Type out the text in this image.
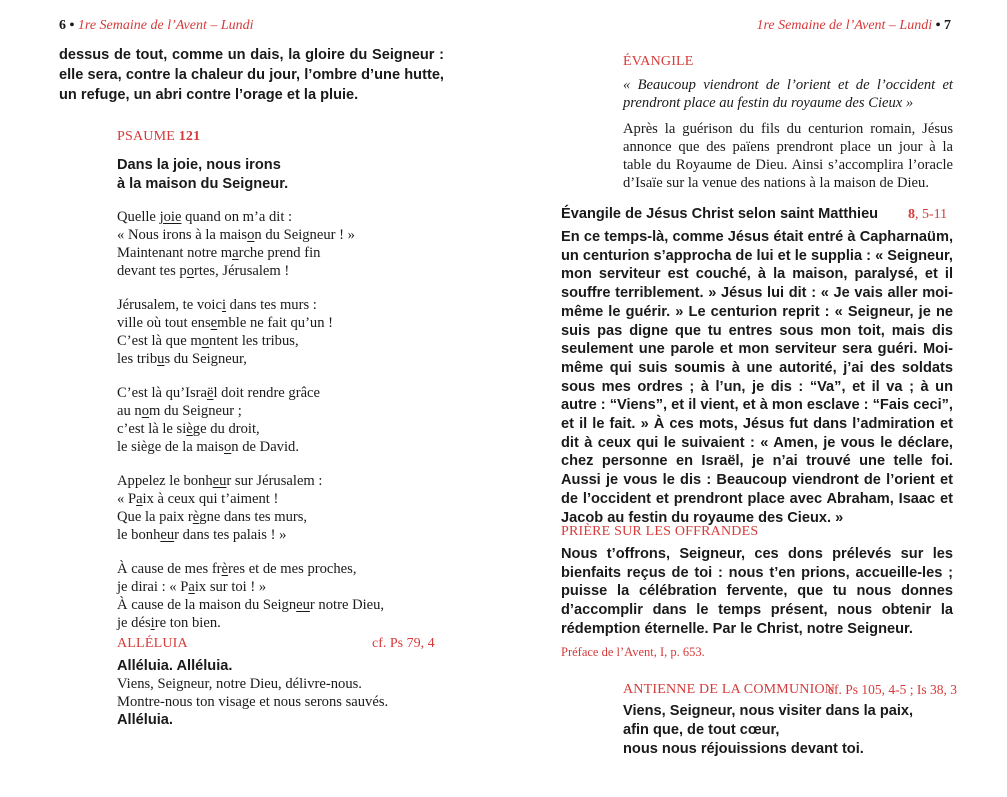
6 • 1re Semaine de l’Avent – Lundi
dessus de tout, comme un dais, la gloire du Seigneur : elle sera, contre la chaleur du jour, l’ombre d’une hutte, un refuge, un abri contre l’orage et la pluie.
PSAUME 121
Dans la joie, nous irons
à la maison du Seigneur.

Quelle joie quand on m’a dit :
« Nous irons à la maison du Seigneur ! »
Maintenant notre marche prend fin
devant tes portes, Jérusalem !

Jérusalem, te voici dans tes murs :
ville où tout ensemble ne fait qu’un !
C’est là que montent les tribus,
les tribus du Seigneur,

C’est là qu’Israël doit rendre grâce
au nom du Seigneur ;
c’est là le siège du droit,
le siège de la maison de David.

Appelez le bonheur sur Jérusalem :
« Paix à ceux qui t’aiment !
Que la paix règne dans tes murs,
le bonheur dans tes palais ! »

À cause de mes frères et de mes proches,
je dirai : « Paix sur toi ! »
À cause de la maison du Seigneur notre Dieu,
je désire ton bien.

ALLÉLUIA	cf. Ps 79, 4
Alléluia. Alléluia.
Viens, Seigneur, notre Dieu, délivre-nous.
Montre-nous ton visage et nous serons sauvés.
Alléluia.
1re Semaine de l’Avent – Lundi • 7
ÉVANGILE
« Beaucoup viendront de l’orient et de l’occident et prendront place au festin du royaume des Cieux »
Après la guérison du fils du centurion romain, Jésus annonce que des païens prendront place un jour à la table du Royaume de Dieu. Ainsi s’accomplira l’oracle d’Isaïe sur la venue des nations à la maison de Dieu.
Évangile de Jésus Christ selon saint Matthieu 8, 5-11
En ce temps-là, comme Jésus était entré à Capharnaüm, un centurion s’approcha de lui et le supplia : « Seigneur, mon serviteur est couché, à la maison, paralysé, et il souffre terriblement. » Jésus lui dit : « Je vais aller moi-même le guérir. » Le centurion reprit : « Seigneur, je ne suis pas digne que tu entres sous mon toit, mais dis seulement une parole et mon serviteur sera guéri. Moi-même qui suis soumis à une autorité, j’ai des soldats sous mes ordres ; à l’un, je dis : “Va”, et il va ; à un autre : “Viens”, et il vient, et à mon esclave : “Fais ceci”, et il le fait. » À ces mots, Jésus fut dans l’admiration et dit à ceux qui le suivaient : « Amen, je vous le déclare, chez personne en Israël, je n’ai trouvé une telle foi. Aussi je vous le dis : Beaucoup viendront de l’orient et de l’occident et prendront place avec Abraham, Isaac et Jacob au festin du royaume des Cieux. »
PRIÈRE SUR LES OFFRANDES
Nous t’offrons, Seigneur, ces dons prélevés sur les bienfaits reçus de toi : nous t’en prions, accueille-les ; puisse la célébration fervente, que tu nous donnes d’accomplir dans le temps présent, nous obtenir la rédemption éternelle. Par le Christ, notre Seigneur.
Préface de l’Avent, I, p. 653.
ANTIENNE DE LA COMMUNION
cf. Ps 105, 4-5 ; Is 38, 3
Viens, Seigneur, nous visiter dans la paix,
afin que, de tout cœur,
nous nous réjouissions devant toi.
